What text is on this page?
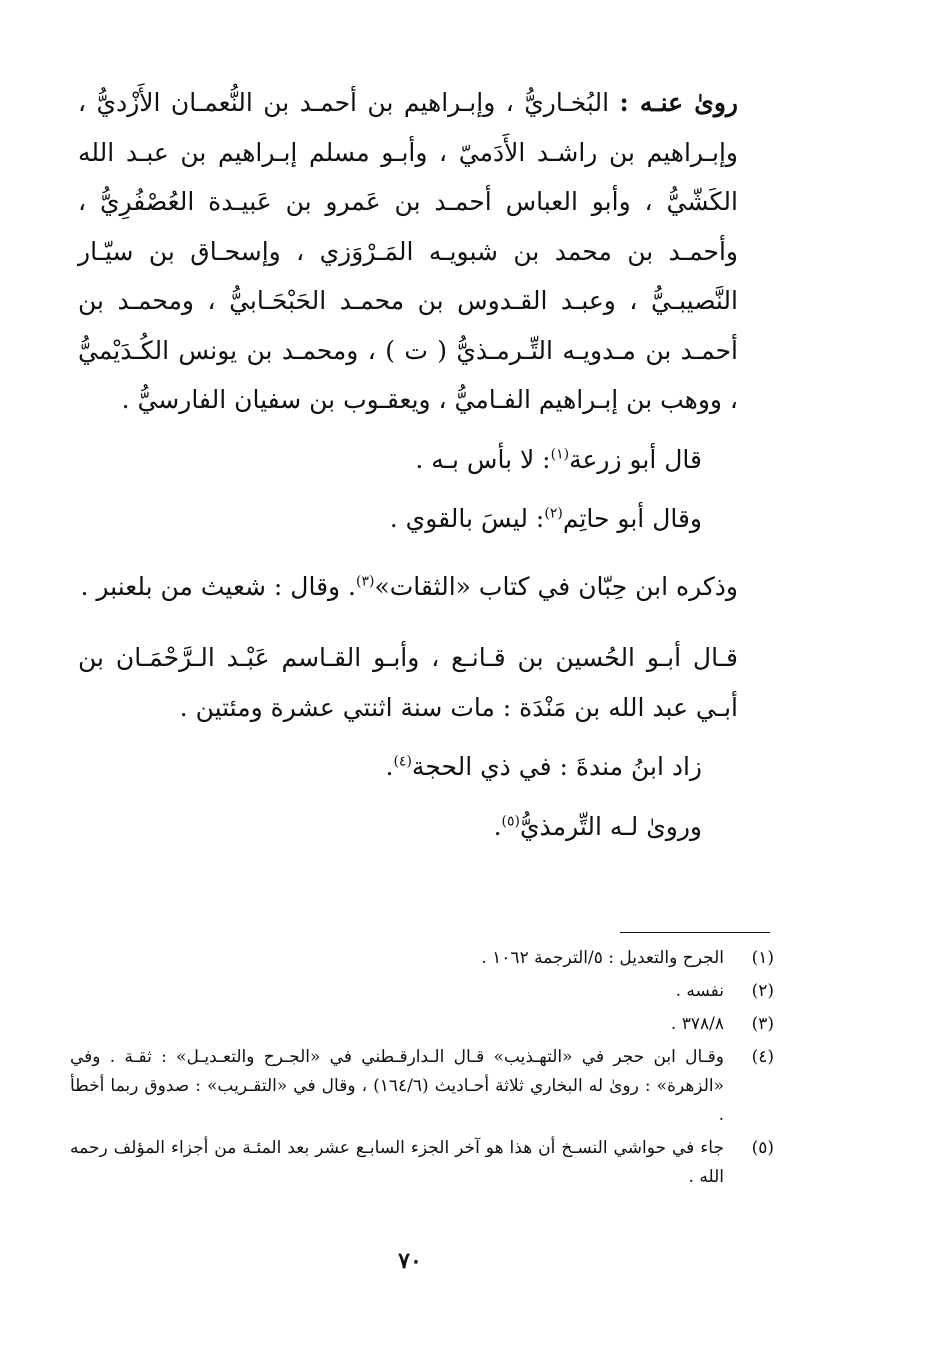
روىٰ عنـه : البُخـاريُّ ، وإبـراهيم بن أحمـد بن النُّعمـان الأَزْديُّ ، وإبـراهيم بن راشـد الأَدَميّ ، وأبـو مسلم إبـراهيم بن عبـد الله الكَشّيُّ ، وأبو العباس أحمـد بن عَمرو بن عَبيـدة العُصْفُرِيُّ ، وأحمـد بن محمد بن شبويـه المَـرْوَزي ، وإسحـاق بن سيّـار النَّصيبـيُّ ، وعبـد القـدوس بن محمـد الحَبْحَـابيُّ ، ومحمـد بن أحمـد بن مـدويـه التِّـرمـذيُّ ( ت ) ، ومحمـد بن يونس الكُـدَيْميُّ ، ووهب بن إبـراهيم الفـاميُّ ، ويعقـوب بن سفيان الفارسيُّ .

قال أبو زرعة$^{(١)}$: لا بأس بـه .

وقال أبو حاتِم$^{(٢)}$: ليسَ بالقوي .

وذكره ابن حِبّان في كتاب «الثقات»$^{(٣)}$. وقال : شعيث من بلعنبر .

قـال أبـو الحُسين بن قـانـع ، وأبـو القـاسم عَبْـد الـرَّحْمَـان بن أبـي عبد الله بن مَنْدَة : مات سنة اثنتي عشرة ومئتين .

زاد ابنُ مندةَ : في ذي الحجة$^{(٤)}$.

وروىٰ لـه التِّرمذيُّ$^{(٥)}$.

(١)
الجرح والتعديل : ٥/الترجمة ١٠٦٢ .
(٢)
نفسه .
(٣)
٣٧٨/٨ .
(٤)
وقـال ابن حجر في «التهـذيب» قـال الـدارقـطني في «الجـرح والتعـديـل» : ثقـة . وفي «الزهرة» : روىٰ له البخاري ثلاثة أحـاديث (١٦٤/٦) ، وقال في «التقـريب» : صدوق ربما أخطأ .
(٥)
جاء في حواشي النسـخ أن هذا هو آخر الجزء السابـع عشر بعد المئـة من أجزاء المؤلف رحمه الله .
٧٠
